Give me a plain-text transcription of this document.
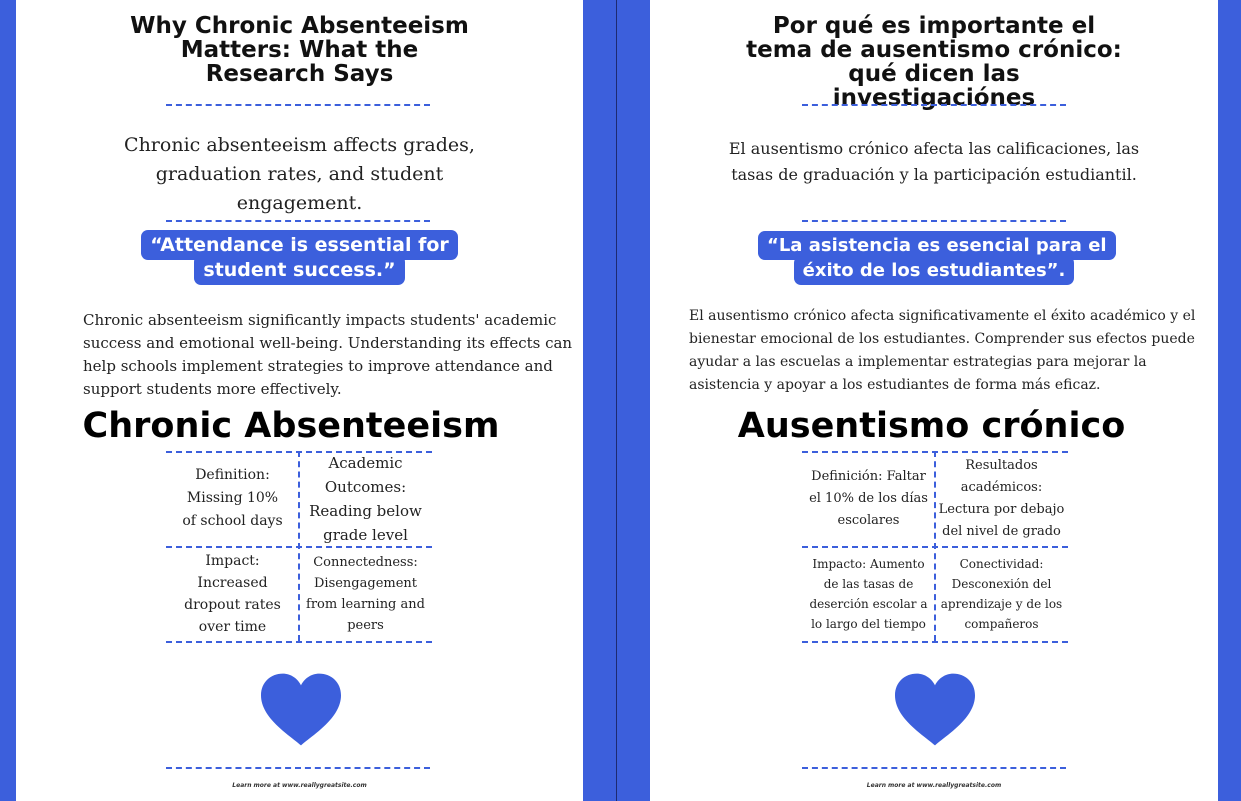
Why Chronic Absenteeism Matters: What the Research Says
Chronic absenteeism affects grades, graduation rates, and student engagement.
“Attendance is essential for student success.”
Chronic absenteeism significantly impacts students' academic success and emotional well-being. Understanding its effects can help schools implement strategies to improve attendance and support students more effectively.
Chronic Absenteeism
Definition: Missing 10% of school days
Academic Outcomes: Reading below grade level
Impact: Increased dropout rates over time
Connectedness: Disengagement from learning and peers
Learn more at www.reallygreatsite.com
Por qué es importante el tema de ausentismo crónico: qué dicen las investigaciónes
El ausentismo crónico afecta las calificaciones, las tasas de graduación y la participación estudiantil.
“La asistencia es esencial para el éxito de los estudiantes”.
El ausentismo crónico afecta significativamente el éxito académico y el bienestar emocional de los estudiantes. Comprender sus efectos puede ayudar a las escuelas a implementar estrategias para mejorar la asistencia y apoyar a los estudiantes de forma más eficaz.
Ausentismo crónico
Definición: Faltar el 10% de los días escolares
Resultados académicos: Lectura por debajo del nivel de grado
Impacto: Aumento de las tasas de deserción escolar a lo largo del tiempo
Conectividad: Desconexión del aprendizaje y de los compañeros
Learn more at www.reallygreatsite.com
